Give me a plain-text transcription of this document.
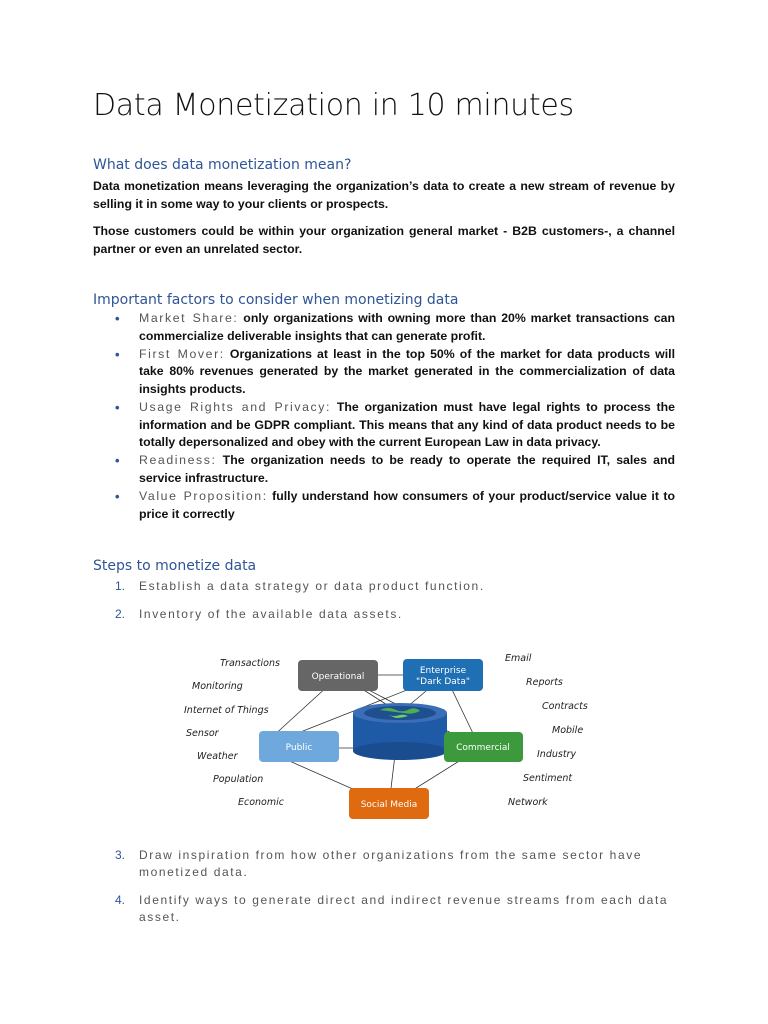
Data Monetization in 10 minutes
What does data monetization mean?
Data monetization means leveraging the organization’s data to create a new stream of revenue by selling it in some way to your clients or prospects.
Those customers could be within your organization general market - B2B customers-, a channel partner or even an unrelated sector.
Important factors to consider when monetizing data
• Market Share: only organizations with owning more than 20% market transactions can commercialize deliverable insights that can generate profit.
• First Mover: Organizations at least in the top 50% of the market for data products will take 80% revenues generated by the market generated in the commercialization of data insights products.
• Usage Rights and Privacy: The organization must have legal rights to process the information and be GDPR compliant. This means that any kind of data product needs to be totally depersonalized and obey with the current European Law in data privacy.
• Readiness: The organization needs to be ready to operate the required IT, sales and service infrastructure.
• Value Proposition: fully understand how consumers of your product/service value it to price it correctly
Steps to monetize data
1. Establish a data strategy or data product function.
2. Inventory of the available data assets.
Operational
Enterprise
"Dark Data"
Public	Commercial
Social Media
Transactions
Monitoring
Internet of Things
Sensor
Weather
Population
Economic
Email
Reports
Contracts
Mobile
Industry
Sentiment
Network
3. Draw inspiration from how other organizations from the same sector have monetized data.
4. Identify ways to generate direct and indirect revenue streams from each data asset.
